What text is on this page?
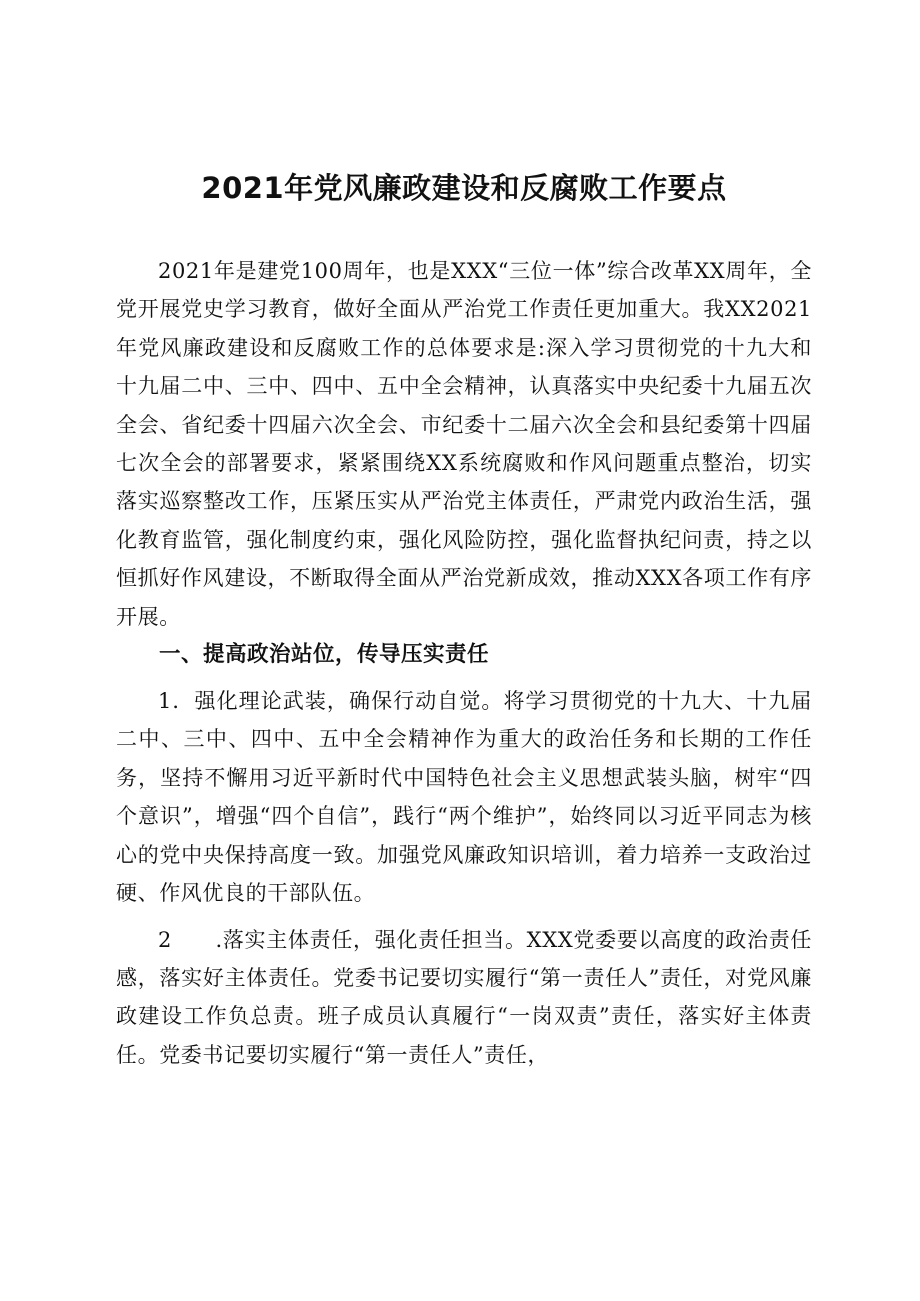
2021年党风廉政建设和反腐败工作要点

2021年是建党100周年，也是XXX“三位一体”综合改革XX周年，全党开展党史学习教育，做好全面从严治党工作责任更加重大。我XX2021年党风廉政建设和反腐败工作的总体要求是:深入学习贯彻党的十九大和十九届二中、三中、四中、五中全会精神，认真落实中央纪委十九届五次全会、省纪委十四届六次全会、市纪委十二届六次全会和县纪委第十四届七次全会的部署要求，紧紧围绕XX系统腐败和作风问题重点整治，切实落实巡察整改工作，压紧压实从严治党主体责任，严肃党内政治生活，强化教育监管，强化制度约束，强化风险防控，强化监督执纪问责，持之以恒抓好作风建设，不断取得全面从严治党新成效，推动XXX各项工作有序开展。

一、提高政治站位，传导压实责任

1．强化理论武装，确保行动自觉。将学习贯彻党的十九大、十九届二中、三中、四中、五中全会精神作为重大的政治任务和长期的工作任务，坚持不懈用习近平新时代中国特色社会主义思想武装头脑，树牢“四个意识”，增强“四个自信”，践行“两个维护”，始终同以习近平同志为核心的党中央保持高度一致。加强党风廉政知识培训，着力培养一支政治过硬、作风优良的干部队伍。

2　　.落实主体责任，强化责任担当。XXX党委要以高度的政治责任感，落实好主体责任。党委书记要切实履行“第一责任人”责任，对党风廉政建设工作负总责。班子成员认真履行“一岗双责”责任，落实好主体责任。党委书记要切实履行“第一责任人”责任，
